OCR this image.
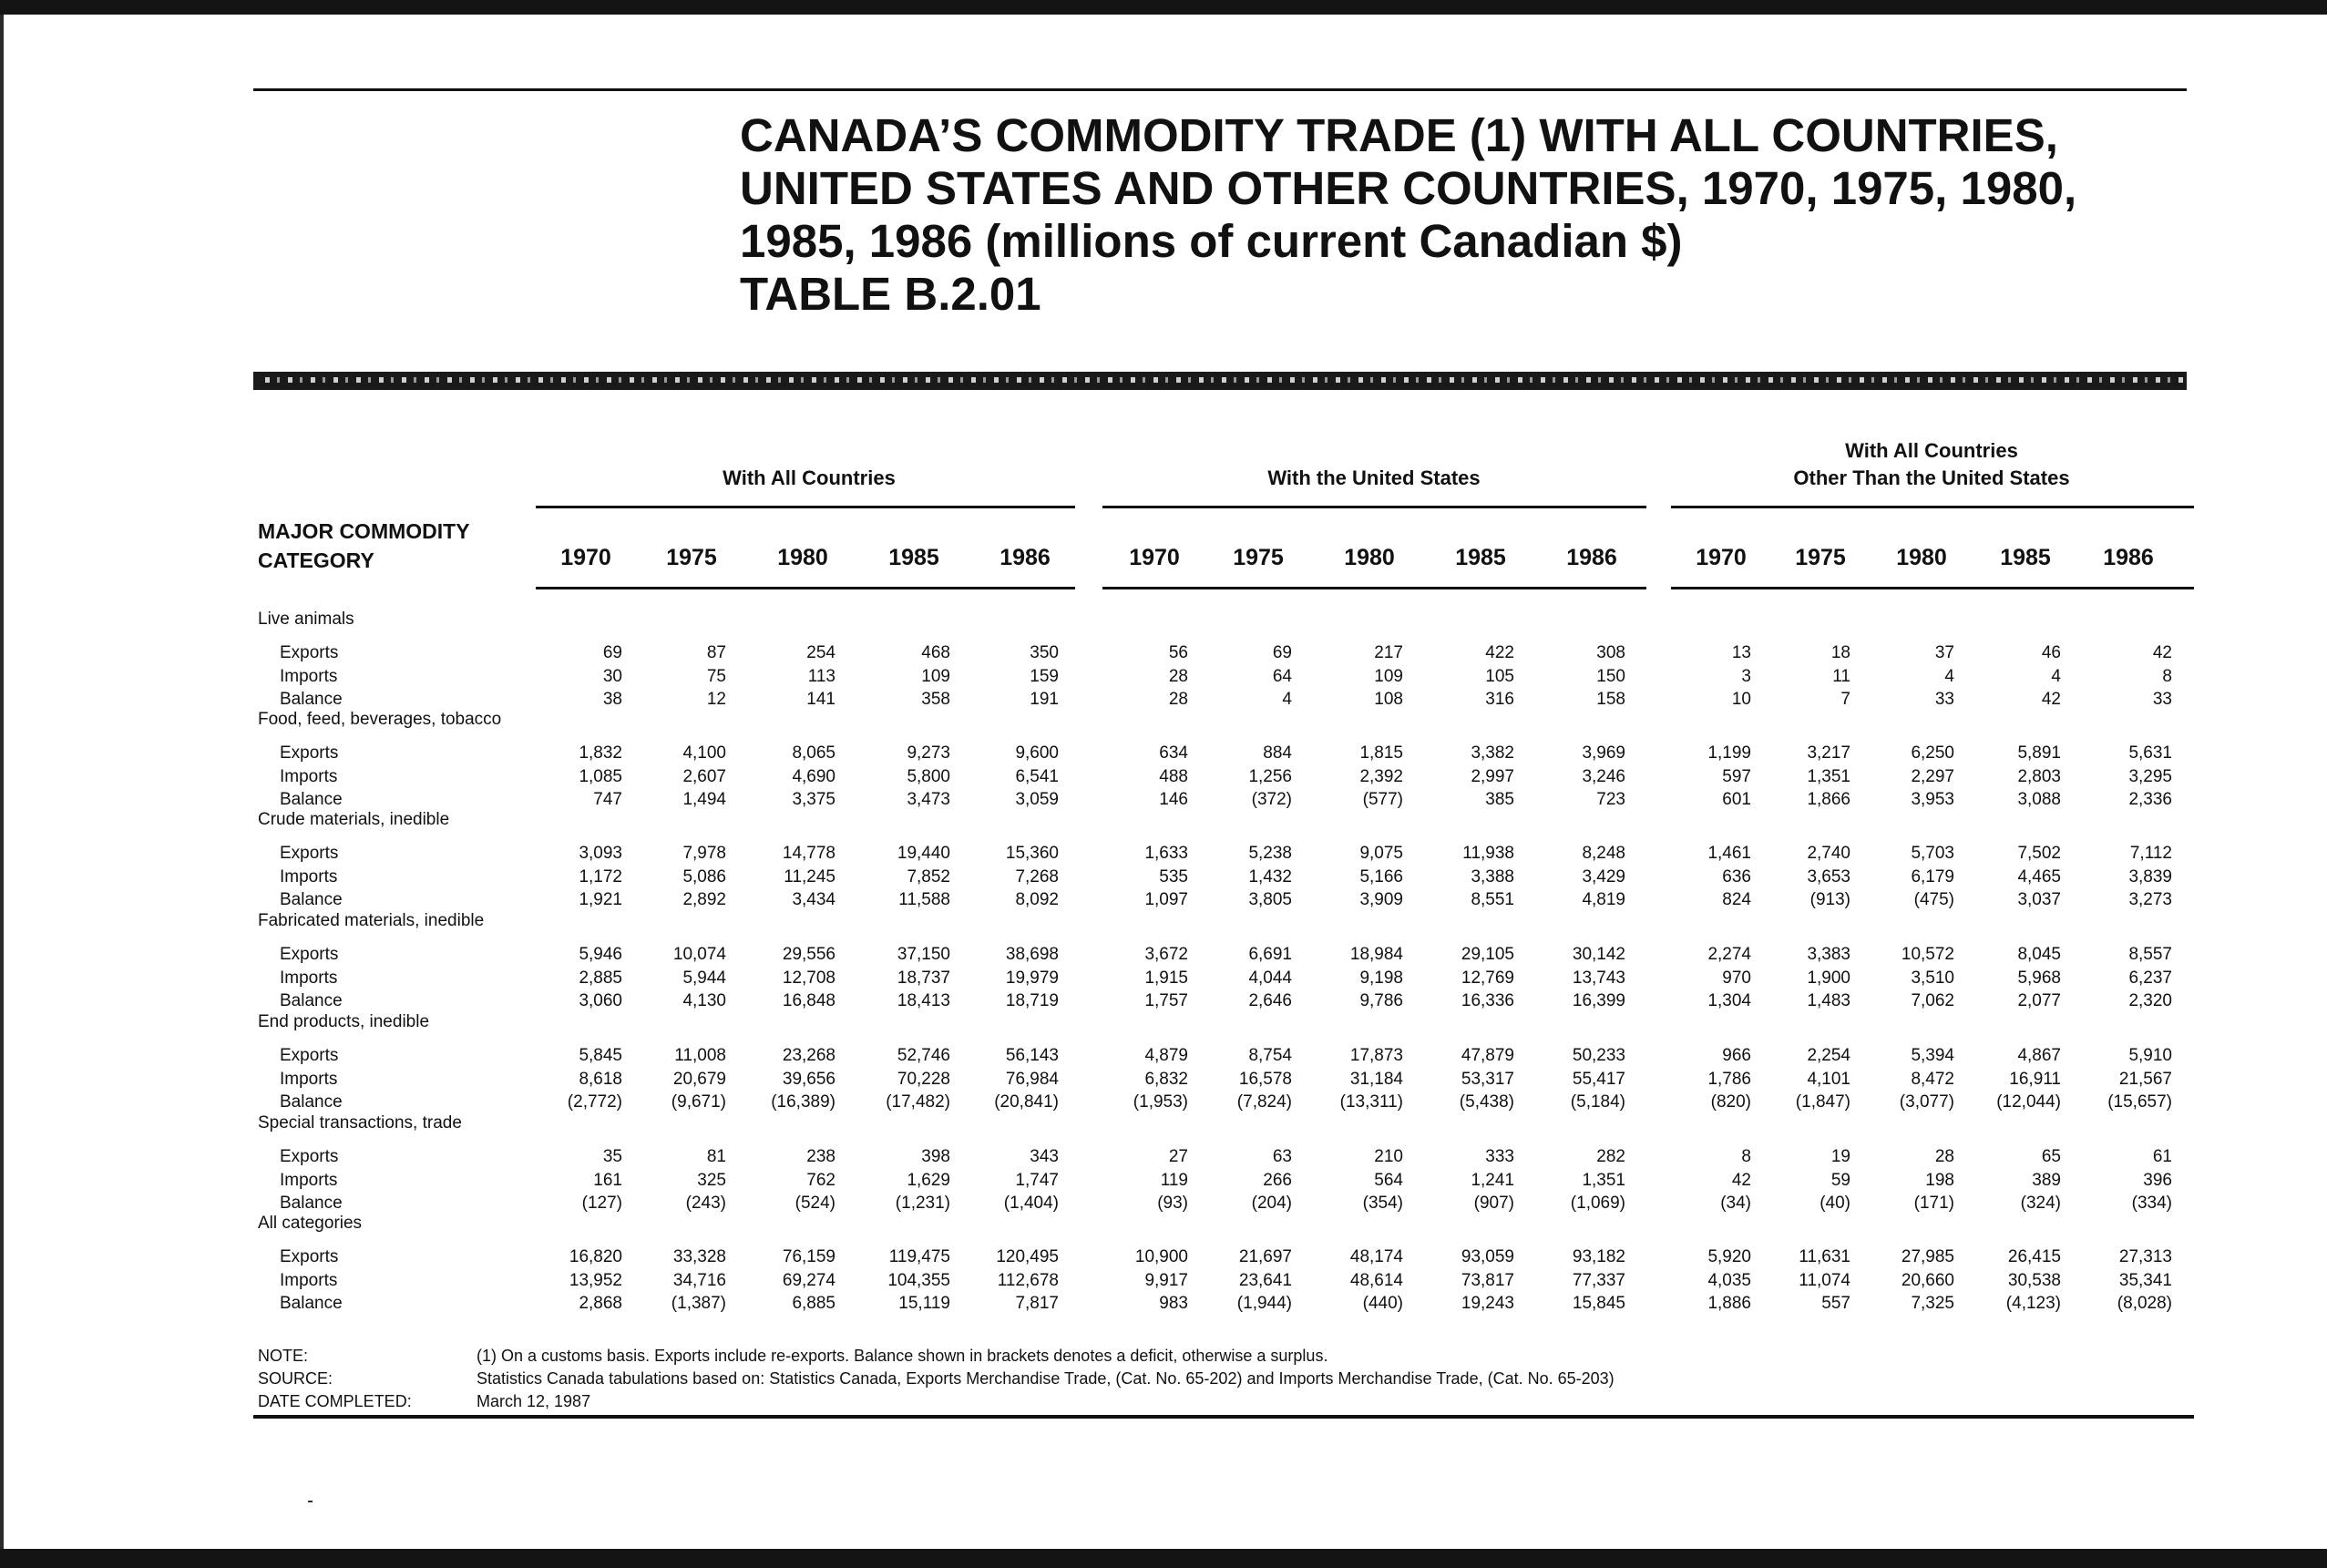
CANADA’S COMMODITY TRADE (1) WITH ALL COUNTRIES,
UNITED STATES AND OTHER COUNTRIES, 1970, 1975, 1980,
1985, 1986 (millions of current Canadian $)
TABLE B.2.01
With All Countries	With the United States
With All Countries
Other Than the United States
MAJOR COMMODITY
CATEGORY	1970	1975	1980	1985	1986	1970	1975	1980	1985	1986	1970	1975	1980	1985	1986
Live animals
Exports	69	87	254	468	350	56	69	217	422	308	13	18	37	46	42
Imports	30	75	113	109	159	28	64	109	105	150	3	11	4	4	8
Balance	38	12	141	358	191	28	4	108	316	158	10	7	33	42	33
Food, feed, beverages, tobacco
Exports	1,832	4,100	8,065	9,273	9,600	634	884	1,815	3,382	3,969	1,199	3,217	6,250	5,891	5,631
Imports	1,085	2,607	4,690	5,800	6,541	488	1,256	2,392	2,997	3,246	597	1,351	2,297	2,803	3,295
Balance	747	1,494	3,375	3,473	3,059	146	(372)	(577)	385	723	601	1,866	3,953	3,088	2,336
Crude materials, inedible
Exports	3,093	7,978	14,778	19,440	15,360	1,633	5,238	9,075	11,938	8,248	1,461	2,740	5,703	7,502	7,112
Imports	1,172	5,086	11,245	7,852	7,268	535	1,432	5,166	3,388	3,429	636	3,653	6,179	4,465	3,839
Balance	1,921	2,892	3,434	11,588	8,092	1,097	3,805	3,909	8,551	4,819	824	(913)	(475)	3,037	3,273
Fabricated materials, inedible
Exports	5,946	10,074	29,556	37,150	38,698	3,672	6,691	18,984	29,105	30,142	2,274	3,383	10,572	8,045	8,557
Imports	2,885	5,944	12,708	18,737	19,979	1,915	4,044	9,198	12,769	13,743	970	1,900	3,510	5,968	6,237
Balance	3,060	4,130	16,848	18,413	18,719	1,757	2,646	9,786	16,336	16,399	1,304	1,483	7,062	2,077	2,320
End products, inedible
Exports	5,845	11,008	23,268	52,746	56,143	4,879	8,754	17,873	47,879	50,233	966	2,254	5,394	4,867	5,910
Imports	8,618	20,679	39,656	70,228	76,984	6,832	16,578	31,184	53,317	55,417	1,786	4,101	8,472	16,911	21,567
Balance	(2,772)	(9,671)	(16,389)	(17,482)	(20,841)	(1,953)	(7,824)	(13,311)	(5,438)	(5,184)	(820)	(1,847)	(3,077)	(12,044)	(15,657)
Special transactions, trade
Exports	35	81	238	398	343	27	63	210	333	282	8	19	28	65	61
Imports	161	325	762	1,629	1,747	119	266	564	1,241	1,351	42	59	198	389	396
Balance	(127)	(243)	(524)	(1,231)	(1,404)	(93)	(204)	(354)	(907)	(1,069)	(34)	(40)	(171)	(324)	(334)
All categories
Exports	16,820	33,328	76,159	119,475	120,495	10,900	21,697	48,174	93,059	93,182	5,920	11,631	27,985	26,415	27,313
Imports	13,952	34,716	69,274	104,355	112,678	9,917	23,641	48,614	73,817	77,337	4,035	11,074	20,660	30,538	35,341
Balance	2,868	(1,387)	6,885	15,119	7,817	983	(1,944)	(440)	19,243	15,845	1,886	557	7,325	(4,123)	(8,028)
NOTE:	(1) On a customs basis. Exports include re-exports. Balance shown in brackets denotes a deficit, otherwise a surplus.
SOURCE:	Statistics Canada tabulations based on: Statistics Canada, Exports Merchandise Trade, (Cat. No. 65-202) and Imports Merchandise Trade, (Cat. No. 65-203)
DATE COMPLETED:	March 12, 1987
